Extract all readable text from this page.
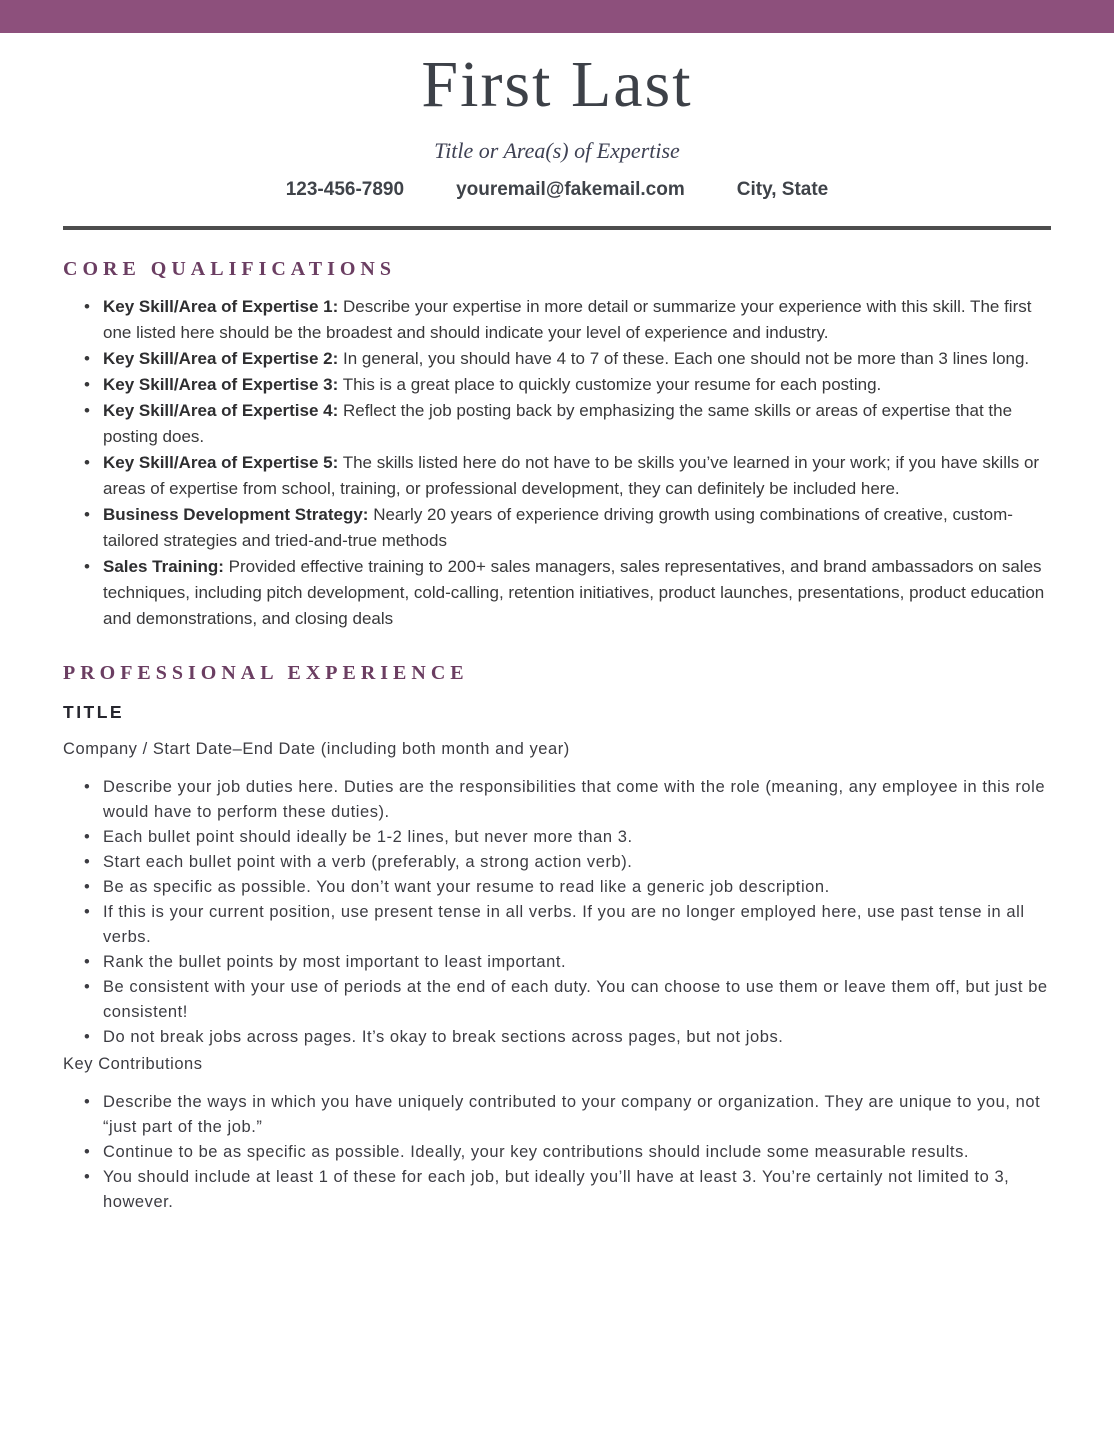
First Last
Title or Area(s) of Expertise
123-456-7890	youremail@fakemail.com	City, State
CORE QUALIFICATIONS
• Key Skill/Area of Expertise 1: Describe your expertise in more detail or summarize your experience with this skill. The first one listed here should be the broadest and should indicate your level of experience and industry.
• Key Skill/Area of Expertise 2: In general, you should have 4 to 7 of these. Each one should not be more than 3 lines long.
• Key Skill/Area of Expertise 3: This is a great place to quickly customize your resume for each posting.
• Key Skill/Area of Expertise 4: Reflect the job posting back by emphasizing the same skills or areas of expertise that the posting does.
• Key Skill/Area of Expertise 5: The skills listed here do not have to be skills you’ve learned in your work; if you have skills or areas of expertise from school, training, or professional development, they can definitely be included here.
• Business Development Strategy: Nearly 20 years of experience driving growth using combinations of creative, custom-tailored strategies and tried-and-true methods
• Sales Training: Provided effective training to 200+ sales managers, sales representatives, and brand ambassadors on sales techniques, including pitch development, cold-calling, retention initiatives, product launches, presentations, product education and demonstrations, and closing deals
PROFESSIONAL EXPERIENCE
TITLE
Company / Start Date–End Date (including both month and year)
• Describe your job duties here. Duties are the responsibilities that come with the role (meaning, any employee in this role would have to perform these duties).
• Each bullet point should ideally be 1-2 lines, but never more than 3.
• Start each bullet point with a verb (preferably, a strong action verb).
• Be as specific as possible. You don’t want your resume to read like a generic job description.
• If this is your current position, use present tense in all verbs. If you are no longer employed here, use past tense in all verbs.
• Rank the bullet points by most important to least important.
• Be consistent with your use of periods at the end of each duty. You can choose to use them or leave them off, but just be consistent!
• Do not break jobs across pages. It’s okay to break sections across pages, but not jobs.
Key Contributions
• Describe the ways in which you have uniquely contributed to your company or organization. They are unique to you, not “just part of the job.”
• Continue to be as specific as possible. Ideally, your key contributions should include some measurable results.
• You should include at least 1 of these for each job, but ideally you’ll have at least 3. You’re certainly not limited to 3, however.
